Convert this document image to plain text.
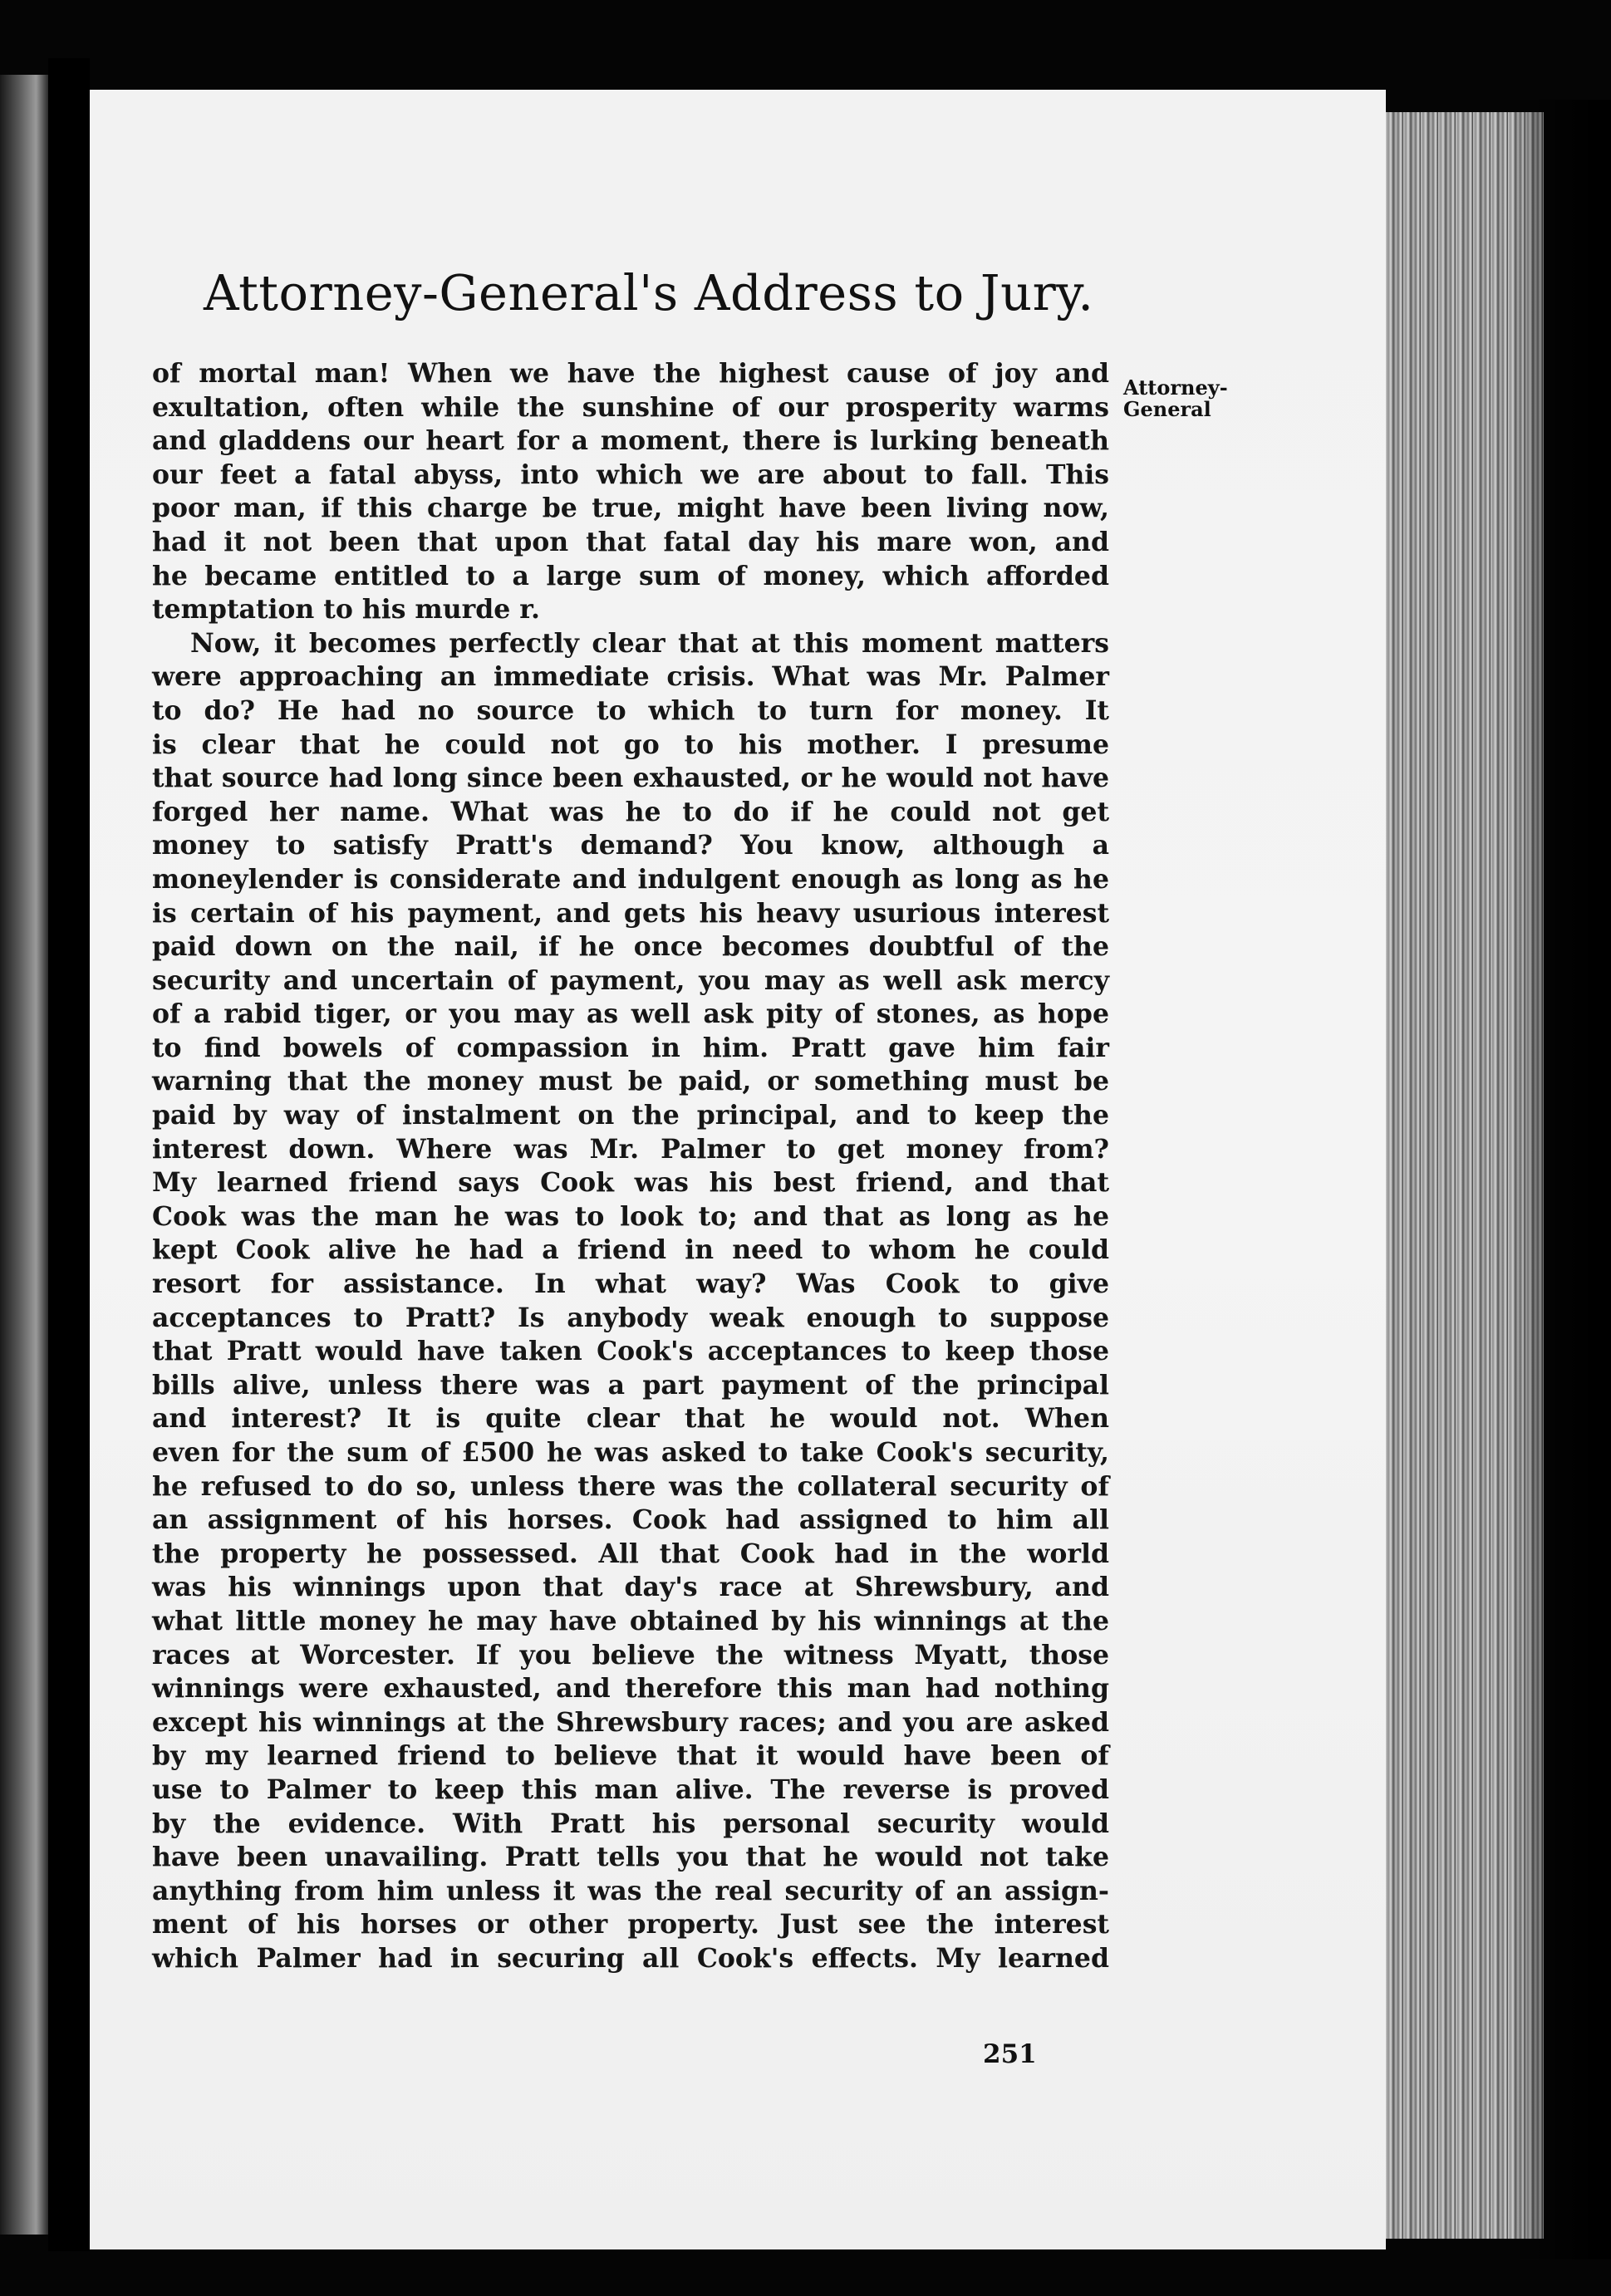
Attorney-General's Address to Jury.
Attorney-
General
of mortal man! When we have the highest cause of joy and
exultation, often while the sunshine of our prosperity warms
and gladdens our heart for a moment, there is lurking beneath
our feet a fatal abyss, into which we are about to fall. This
poor man, if this charge be true, might have been living now,
had it not been that upon that fatal day his mare won, and
he became entitled to a large sum of money, which afforded
temptation to his murde r.
Now, it becomes perfectly clear that at this moment matters
were approaching an immediate crisis. What was Mr. Palmer
to do? He had no source to which to turn for money. It
is clear that he could not go to his mother. I presume
that source had long since been exhausted, or he would not have
forged her name. What was he to do if he could not get
money to satisfy Pratt's demand? You know, although a
moneylender is considerate and indulgent enough as long as he
is certain of his payment, and gets his heavy usurious interest
paid down on the nail, if he once becomes doubtful of the
security and uncertain of payment, you may as well ask mercy
of a rabid tiger, or you may as well ask pity of stones, as hope
to find bowels of compassion in him. Pratt gave him fair
warning that the money must be paid, or something must be
paid by way of instalment on the principal, and to keep the
interest down. Where was Mr. Palmer to get money from?
My learned friend says Cook was his best friend, and that
Cook was the man he was to look to; and that as long as he
kept Cook alive he had a friend in need to whom he could
resort for assistance. In what way? Was Cook to give
acceptances to Pratt? Is anybody weak enough to suppose
that Pratt would have taken Cook's acceptances to keep those
bills alive, unless there was a part payment of the principal
and interest? It is quite clear that he would not. When
even for the sum of £500 he was asked to take Cook's security,
he refused to do so, unless there was the collateral security of
an assignment of his horses. Cook had assigned to him all
the property he possessed. All that Cook had in the world
was his winnings upon that day's race at Shrewsbury, and
what little money he may have obtained by his winnings at the
races at Worcester. If you believe the witness Myatt, those
winnings were exhausted, and therefore this man had nothing
except his winnings at the Shrewsbury races; and you are asked
by my learned friend to believe that it would have been of
use to Palmer to keep this man alive. The reverse is proved
by the evidence. With Pratt his personal security would
have been unavailing. Pratt tells you that he would not take
anything from him unless it was the real security of an assign-
ment of his horses or other property. Just see the interest
which Palmer had in securing all Cook's effects. My learned
251
